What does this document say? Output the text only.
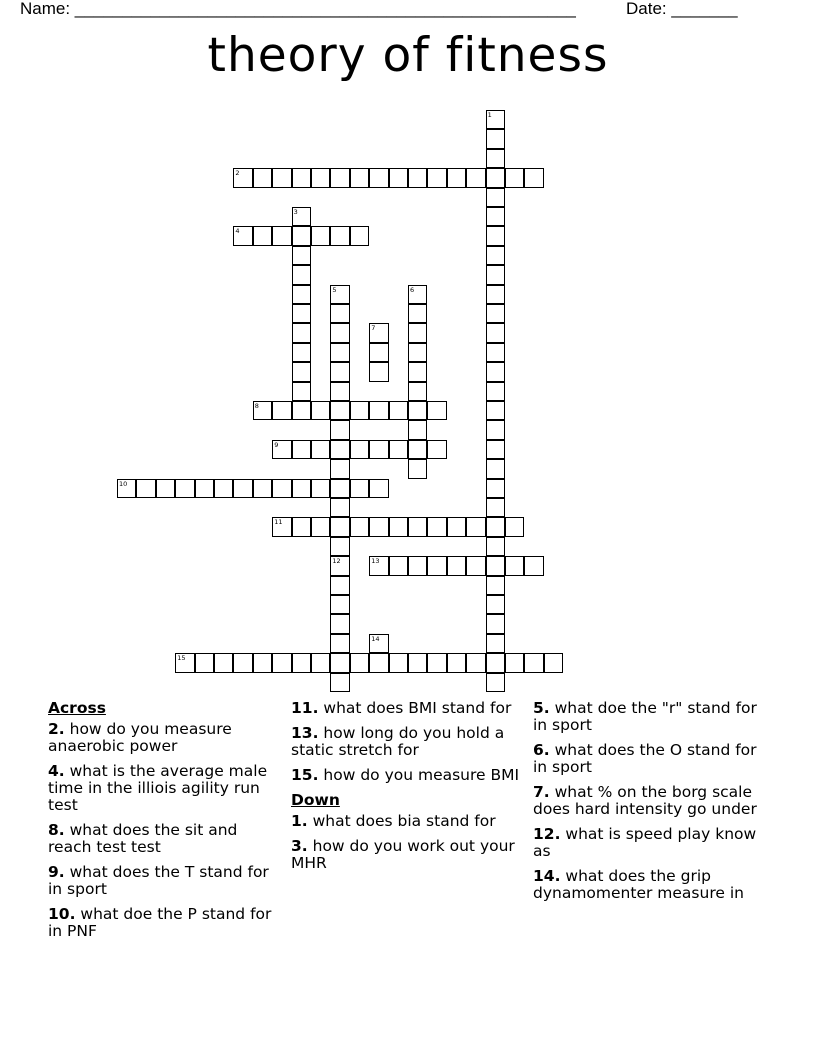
Name: _____________________________________________________	Date: _______
theory of fitness
1
2
3
4
5
12
6
7
8
9
10
11
13
14
15
Across
2. how do you measure anaerobic power
4. what is the average male time in the illiois agility run test
8. what does the sit and reach test test
9. what does the T stand for in sport
10. what doe the P stand for in PNF
11. what does BMI stand for
13. how long do you hold a static stretch for
15. how do you measure BMI
Down
1. what does bia stand for
3. how do you work out your MHR
5. what doe the "r" stand for in sport
6. what does the O stand for in sport
7. what % on the borg scale does hard intensity go under
12. what is speed play know as
14. what does the grip dynamomenter measure in
